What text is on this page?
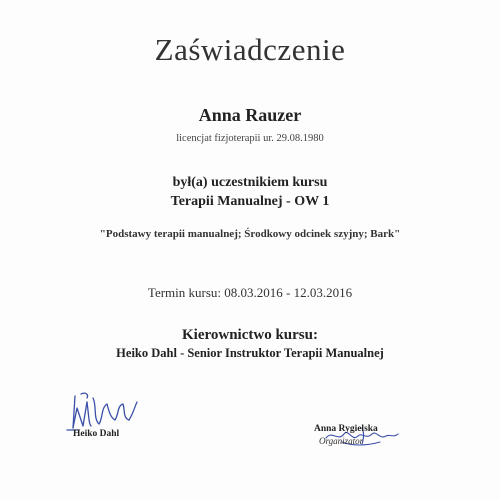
Zaświadczenie
Anna Rauzer
licencjat fizjoterapii ur. 29.08.1980
był(a) uczestnikiem kursu
Terapii Manualnej - OW 1
"Podstawy terapii manualnej; Środkowy odcinek szyjny; Bark"
Termin kursu: 08.03.2016 - 12.03.2016
Kierownictwo kursu:
Heiko Dahl - Senior Instruktor Terapii Manualnej
Heiko Dahl	Anna Rygielska
Organizator
